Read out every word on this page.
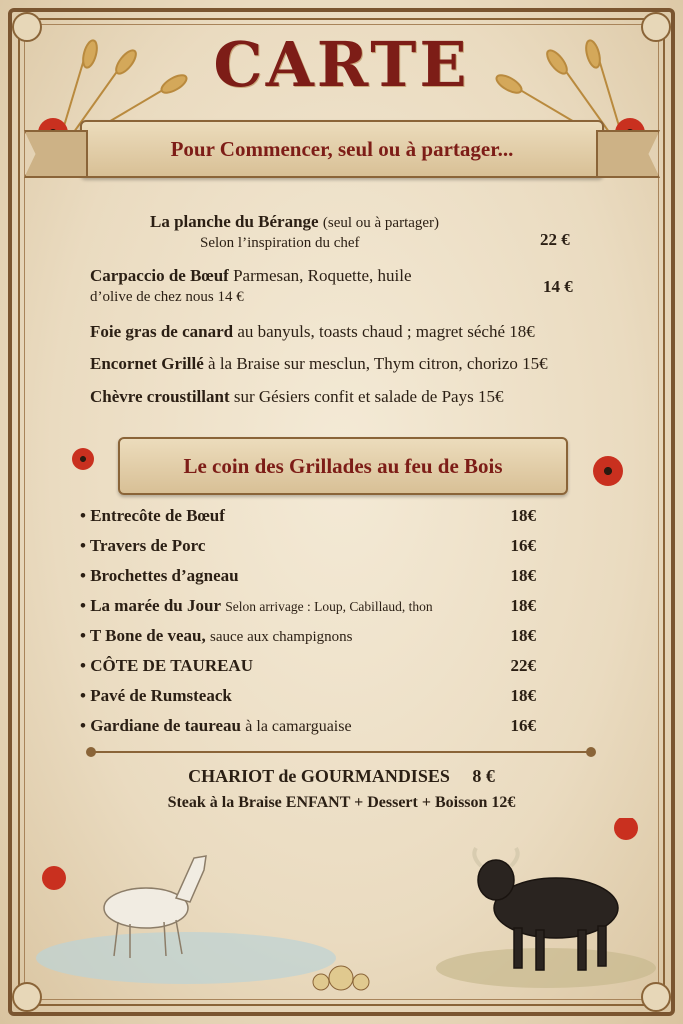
CARTE
Pour Commencer, seul ou à partager...
La planche du Bérange (seul ou à partager)
Selon l’inspiration du chef	22 €
Carpaccio de Bœuf Parmesan, Roquette, huile
d’olive de chez nous 14 €
14 €
Foie gras de canard au banyuls, toasts chaud ; magret séché 18€
Encornet Grillé à la Braise sur mesclun, Thym citron, chorizo 15€
Chèvre croustillant sur Gésiers confit et salade de Pays 15€
Le coin des Grillades au feu de Bois
• Entrecôte de Bœuf	18€
• Travers de Porc	16€
• Brochettes d’agneau	18€
• La marée du Jour Selon arrivage : Loup, Cabillaud, thon	18€
• T Bone de veau, sauce aux champignons	18€
• CÔTE DE TAUREAU	22€
• Pavé de Rumsteack	18€
• Gardiane de taureau à la camarguaise	16€
CHARIOT de GOURMANDISES     8 €
Steak à la Braise ENFANT + Dessert + Boisson 12€
